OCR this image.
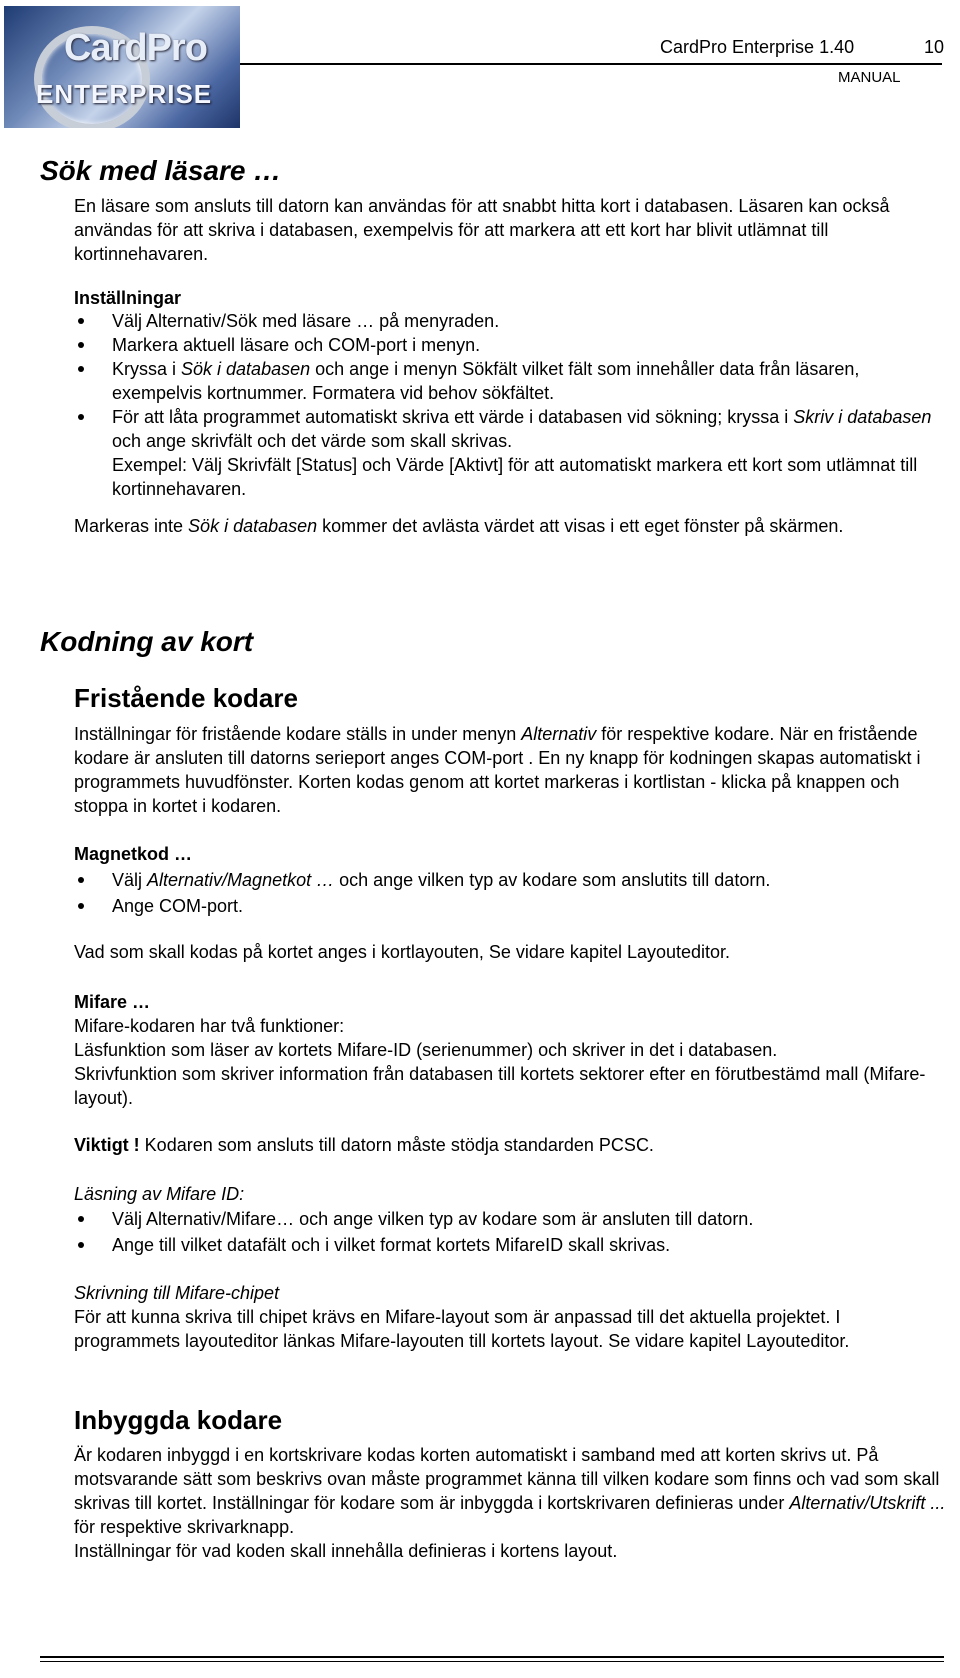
CardPro
ENTERPRISE
CardPro Enterprise 1.40	10
MANUAL
Sök med läsare …
En läsare som ansluts till datorn kan användas för att snabbt hitta kort i databasen. Läsaren kan också användas för att skriva i databasen, exempelvis för att markera att ett kort har blivit utlämnat till kortinnehavaren.
Inställningar
Välj Alternativ/Sök med läsare … på menyraden.
Markera aktuell läsare och COM-port i menyn.
Kryssa i Sök i databasen och ange i menyn Sökfält vilket fält som innehåller data från läsaren, exempelvis kortnummer. Formatera vid behov sökfältet.
För att låta programmet automatiskt skriva ett värde i databasen vid sökning; kryssa i Skriv i databasen och ange skrivfält och det värde som skall skrivas.
Exempel: Välj Skrivfält [Status] och Värde [Aktivt] för att automatiskt markera ett kort som utlämnat till kortinnehavaren.
Markeras inte Sök i databasen kommer det avlästa värdet att visas i ett eget fönster på skärmen.
Kodning av kort
Fristående kodare
Inställningar för fristående kodare ställs in under menyn Alternativ för respektive kodare. När en fristående kodare är ansluten till datorns serieport anges COM-port . En ny knapp för kodningen skapas automatiskt i programmets huvudfönster. Korten kodas genom att kortet markeras i kortlistan - klicka på knappen och stoppa in kortet i kodaren.
Magnetkod …
Välj Alternativ/Magnetkot … och ange vilken typ av kodare som anslutits till datorn.
Ange COM-port.
Vad som skall kodas på kortet anges i kortlayouten, Se vidare kapitel Layouteditor.
Mifare …
Mifare-kodaren har två funktioner:
Läsfunktion som läser av kortets Mifare-ID (serienummer) och skriver in det i databasen.
Skrivfunktion som skriver information från databasen till kortets sektorer efter en förutbestämd mall (Mifare-layout).
Viktigt ! Kodaren som ansluts till datorn måste stödja standarden PCSC.
Läsning av Mifare ID:
Välj Alternativ/Mifare… och ange vilken typ av kodare som är ansluten till datorn.
Ange till vilket datafält och i vilket format kortets MifareID skall skrivas.
Skrivning till Mifare-chipet
För att kunna skriva till chipet krävs en Mifare-layout som är anpassad till det aktuella projektet. I programmets layouteditor länkas Mifare-layouten till kortets layout. Se vidare kapitel Layouteditor.
Inbyggda kodare
Är kodaren inbyggd i en kortskrivare kodas korten automatiskt i samband med att korten skrivs ut. På motsvarande sätt som beskrivs ovan måste programmet känna till vilken kodare som finns och vad som skall skrivas till kortet. Inställningar för kodare som är inbyggda i kortskrivaren definieras under Alternativ/Utskrift ... för respektive skrivarknapp.
Inställningar för vad koden skall innehålla definieras i kortens layout.
